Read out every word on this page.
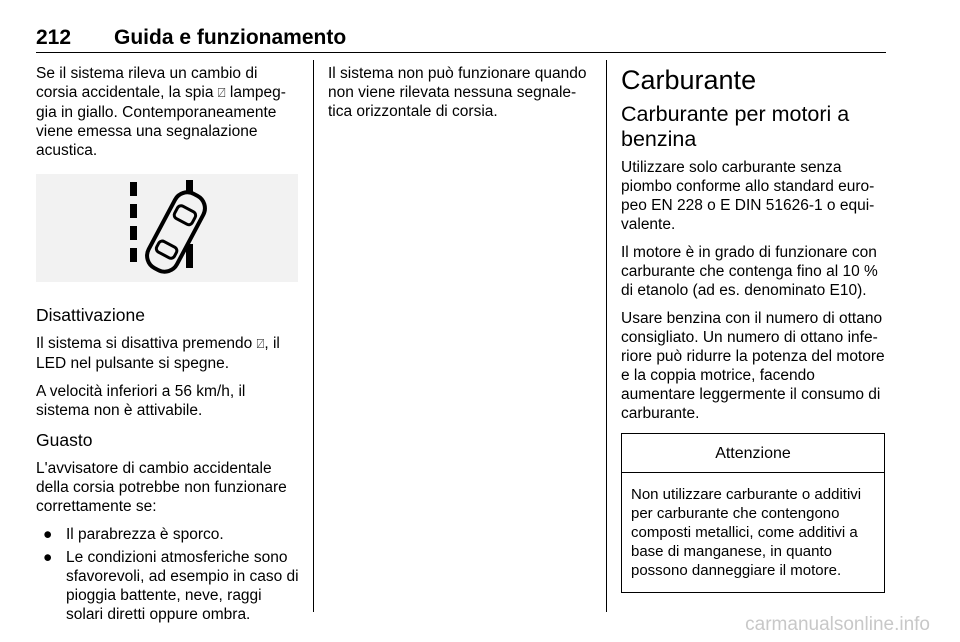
212 Guida e funzionamento

Se il sistema rileva un cambio di corsia accidentale, la spia ⍁ lampeg-gia in giallo. Contemporaneamente viene emessa una segnalazione acustica.

Disattivazione

Il sistema si disattiva premendo ⍁, il LED nel pulsante si spegne.

A velocità inferiori a 56 km/h, il sistema non è attivabile.

Guasto

L'avvisatore di cambio accidentale della corsia potrebbe non funzionare correttamente se:

● Il parabrezza è sporco.
● Le condizioni atmosferiche sono sfavorevoli, ad esempio in caso di pioggia battente, neve, raggi solari diretti oppure ombra.

Il sistema non può funzionare quando non viene rilevata nessuna segnale-tica orizzontale di corsia.

Carburante
Carburante per motori a benzina

Utilizzare solo carburante senza piombo conforme allo standard euro-peo EN 228 o E DIN 51626-1 o equi-valente.

Il motore è in grado di funzionare con carburante che contenga fino al 10 % di etanolo (ad es. denominato E10).

Usare benzina con il numero di ottano consigliato. Un numero di ottano infe-riore può ridurre la potenza del motore e la coppia motrice, facendo aumentare leggermente il consumo di carburante.

Attenzione
Non utilizzare carburante o additivi per carburante che contengono composti metallici, come additivi a base di manganese, in quanto possono danneggiare il motore.
carmanualsonline.info
